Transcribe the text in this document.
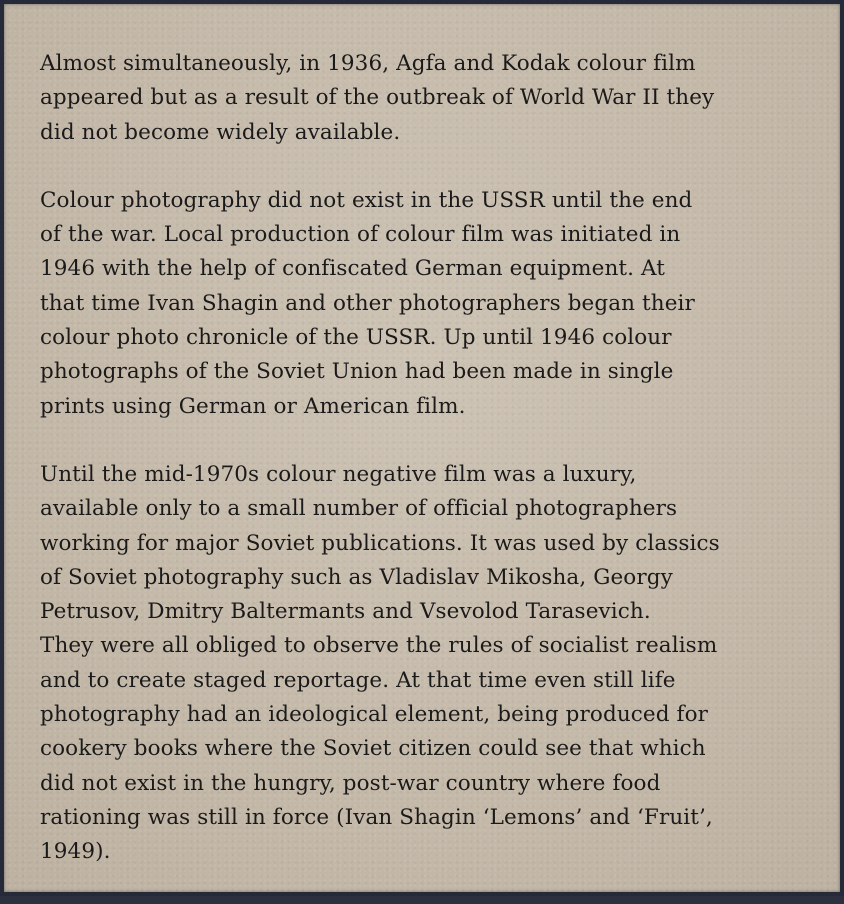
Almost simultaneously, in 1936, Agfa and Kodak colour film
appeared but as a result of the outbreak of World War II they
did not become widely available.

Colour photography did not exist in the USSR until the end
of the war. Local production of colour film was initiated in
1946 with the help of confiscated German equipment. At
that time Ivan Shagin and other photographers began their
colour photo chronicle of the USSR. Up until 1946 colour
photographs of the Soviet Union had been made in single
prints using German or American film.

Until the mid-1970s colour negative film was a luxury,
available only to a small number of official photographers
working for major Soviet publications. It was used by classics
of Soviet photography such as Vladislav Mikosha, Georgy
Petrusov, Dmitry Baltermants and Vsevolod Tarasevich.
They were all obliged to observe the rules of socialist realism
and to create staged reportage. At that time even still life
photography had an ideological element, being produced for
cookery books where the Soviet citizen could see that which
did not exist in the hungry, post-war country where food
rationing was still in force (Ivan Shagin ‘Lemons’ and ‘Fruit’,
1949).
